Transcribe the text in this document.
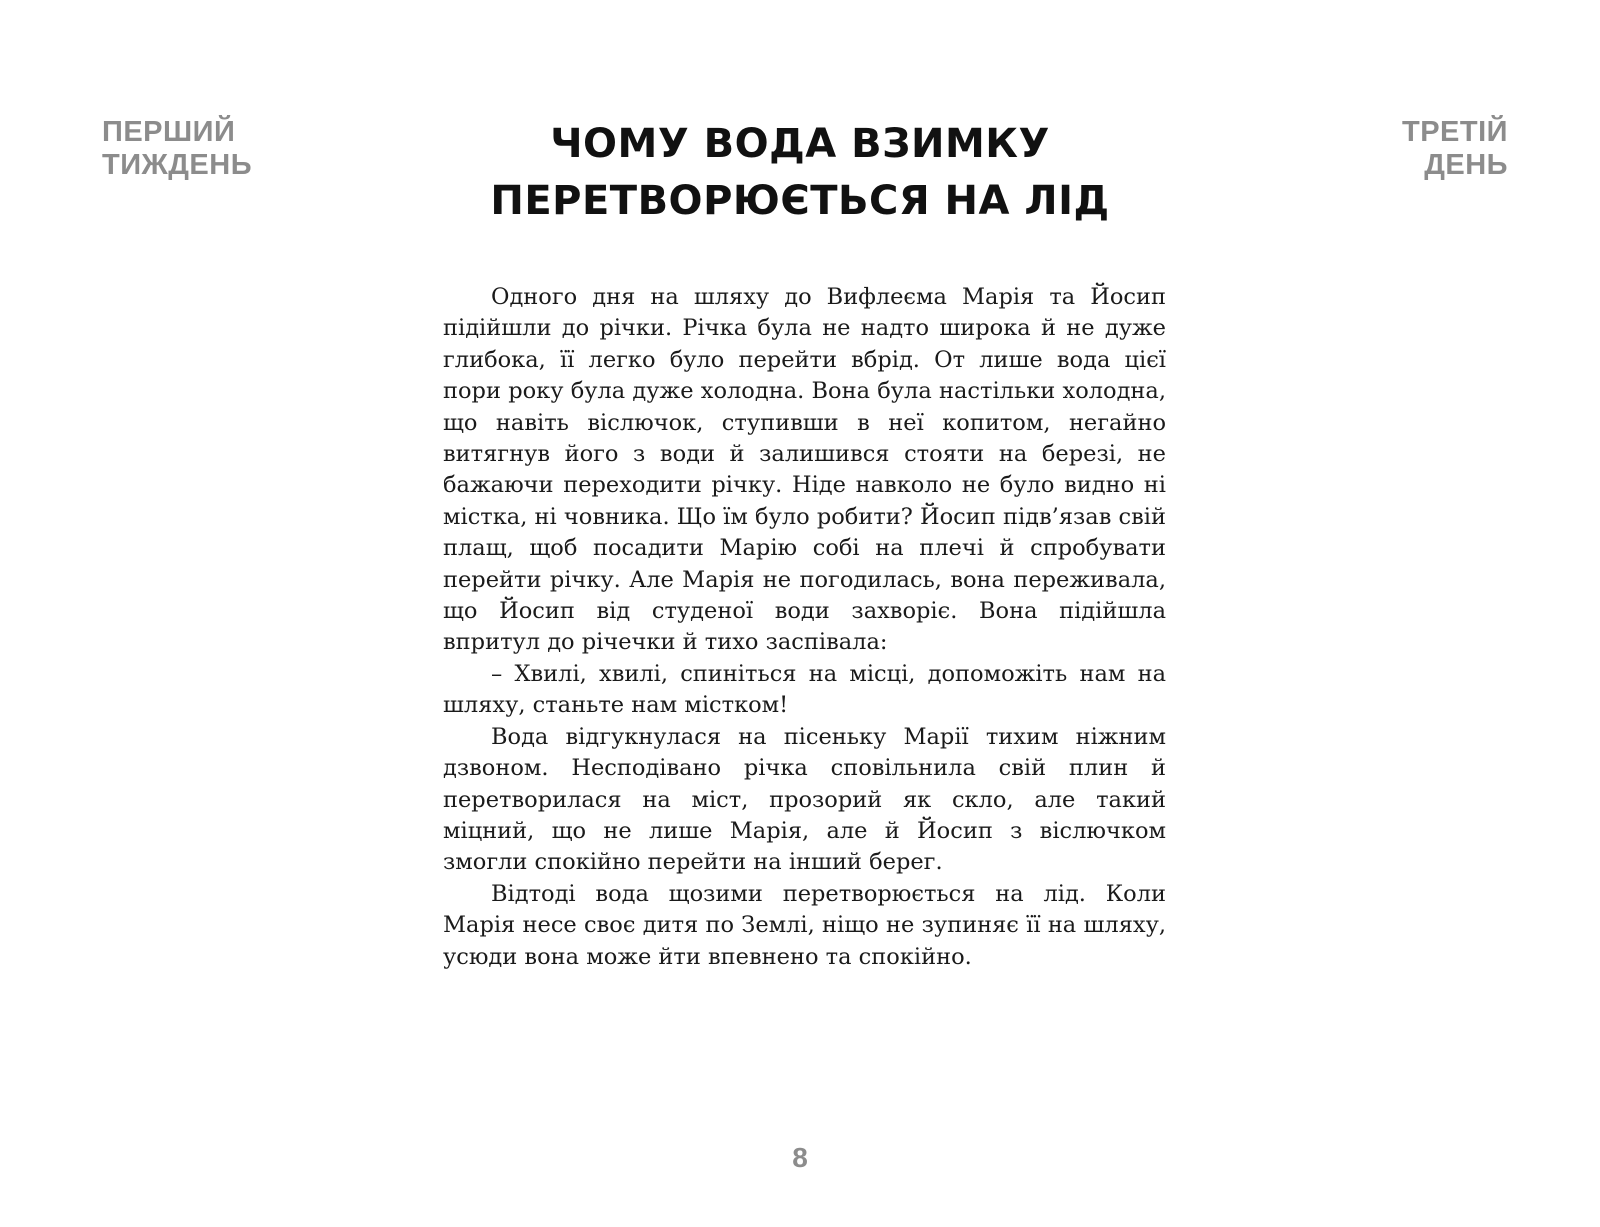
ПЕРШИЙ
ТИЖДЕНЬ
ТРЕТІЙ
ДЕНЬ
ЧОМУ ВОДА ВЗИМКУ
ПЕРЕТВОРЮЄТЬСЯ НА ЛІД

Одного дня на шляху до Вифлеєма Марія та Йосип підійшли до річки. Річка була не надто широка й не дуже глибока, її легко було перейти вбрід. От лише вода цієї пори року була дуже холодна. Вона була настільки холодна, що навіть віслючок, ступивши в неї копитом, негайно витягнув його з води й залишився стояти на березі, не бажаючи переходити річку. Ніде навколо не було видно ні містка, ні човника. Що їм було робити? Йосип підв’язав свій плащ, щоб посадити Марію собі на плечі й спробувати перейти річку. Але Марія не погодилась, вона переживала, що Йосип від студеної води захворіє. Вона підійшла впритул до річечки й тихо заспівала:

– Хвилі, хвилі, спиніться на місці, допоможіть нам на шляху, станьте нам містком!

Вода відгукнулася на пісеньку Марії тихим ніжним дзвоном. Несподівано річка сповільнила свій плин й перетворилася на міст, прозорий як скло, але такий міцний, що не лише Марія, але й Йосип з віслючком змогли спокійно перейти на інший берег.

Відтоді вода щозими перетворюється на лід. Коли Марія несе своє дитя по Землі, ніщо не зупиняє її на шляху, усюди вона може йти впевнено та спокійно.

8
